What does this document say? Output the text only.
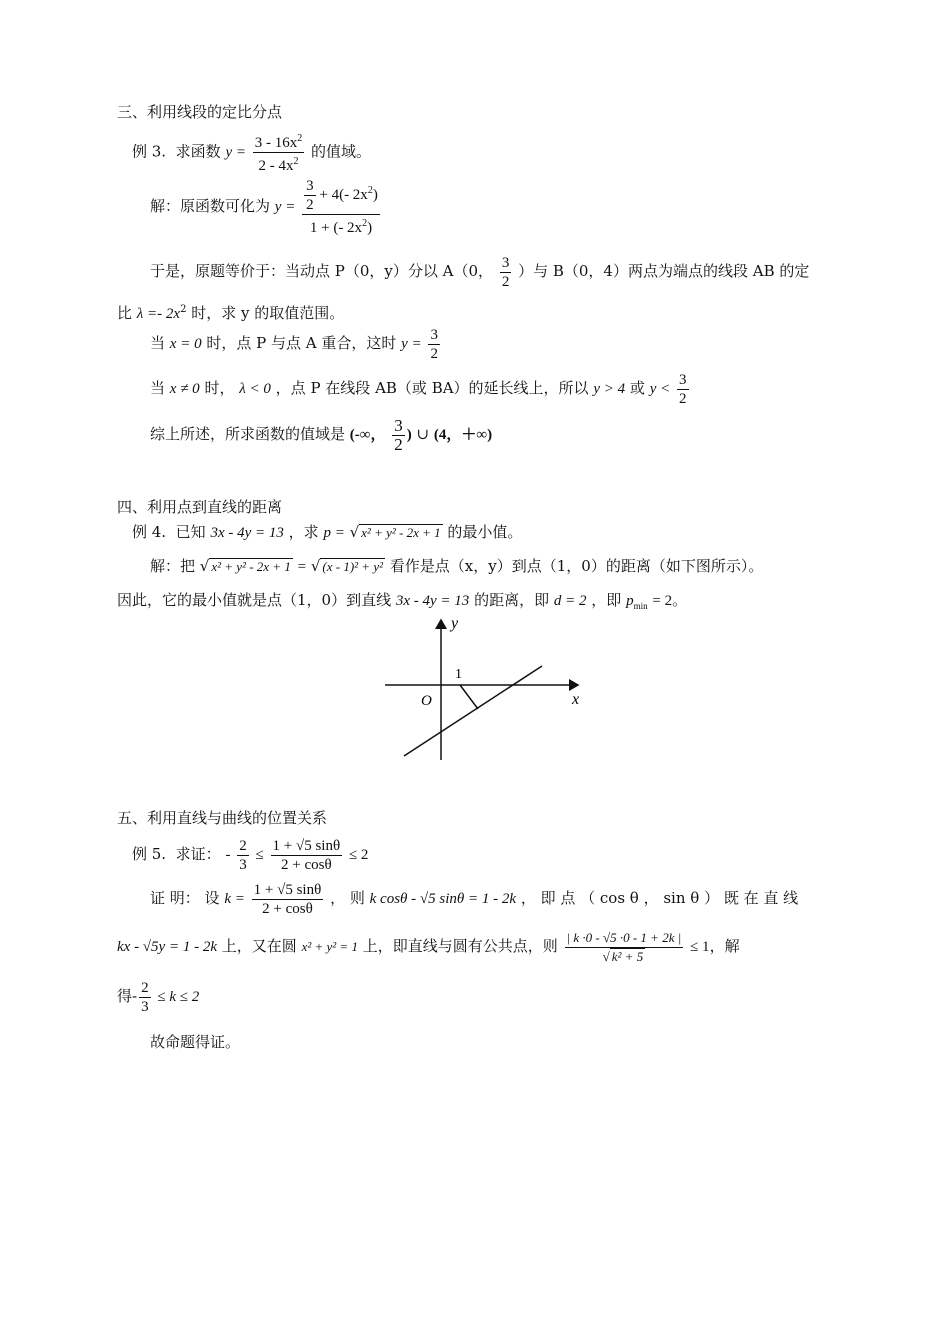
三、利用线段的定比分点
例 3. 求函数 $y = \frac{3 - 16x^2}{2 - 4x^2}$ 的值域。
解：原函数可化为 $y = \frac{\frac{3}{2} + 4(- 2x^2)}{1 + (- 2x^2)}$
于是，原题等价于：当动点 P（0，y）分以 A（0， $\frac{3}{2}$ ）与 B（0，4）两点为端点的线段 AB 的定
比 $\lambda =- 2x^2$ 时，求 y 的取值范围。
当 x = 0 时，点 P 与点 A 重合，这时 $y = \frac{3}{2}$
当 x ≠ 0 时， λ < 0 ，点 P 在线段 AB（或 BA）的延长线上，所以 y > 4 或 $y < \frac{3}{2}$
综上所述，所求函数的值域是 (-∞， $\frac{3}{2}$ ) ∪ (4，＋∞)
四、利用点到直线的距离
例 4. 已知 3x - 4y = 13 ，求 p = √ x² + y² - 2x + 1 的最小值。
解：把 √ x² + y² - 2x + 1 = √ (x - 1)² + y² 看作是点（x，y）到点（1，0）的距离（如下图所示）。
因此，它的最小值就是点（1，0）到直线 3x - 4y = 13 的距离，即 d = 2 ，即 $p_{min} = 2$。
y
x
O
1
五、利用直线与曲线的位置关系
例 5. 求证： - $\frac{2}{3} \le \frac{1 + √5 \sin\theta}{2 + \cos\theta} \le 2$
证 明： 设 $k = \frac{1 + √5 \sin\theta}{2 + \cos\theta}$ ， 则 k cosθ - √5 sinθ = 1 - 2k ， 即 点 （ cos θ ， sin θ ） 既 在 直 线
kx - √5y = 1 - 2k 上，又在圆 x² + y² = 1 上，即直线与圆有公共点，则 $\frac{| k \cdot 0 - √5 \cdot 0 - 1 + 2k |}{\text{√ k² + 5}} \le 1$，解
得- $\frac{2}{3} \le k \le 2$
故命题得证。
